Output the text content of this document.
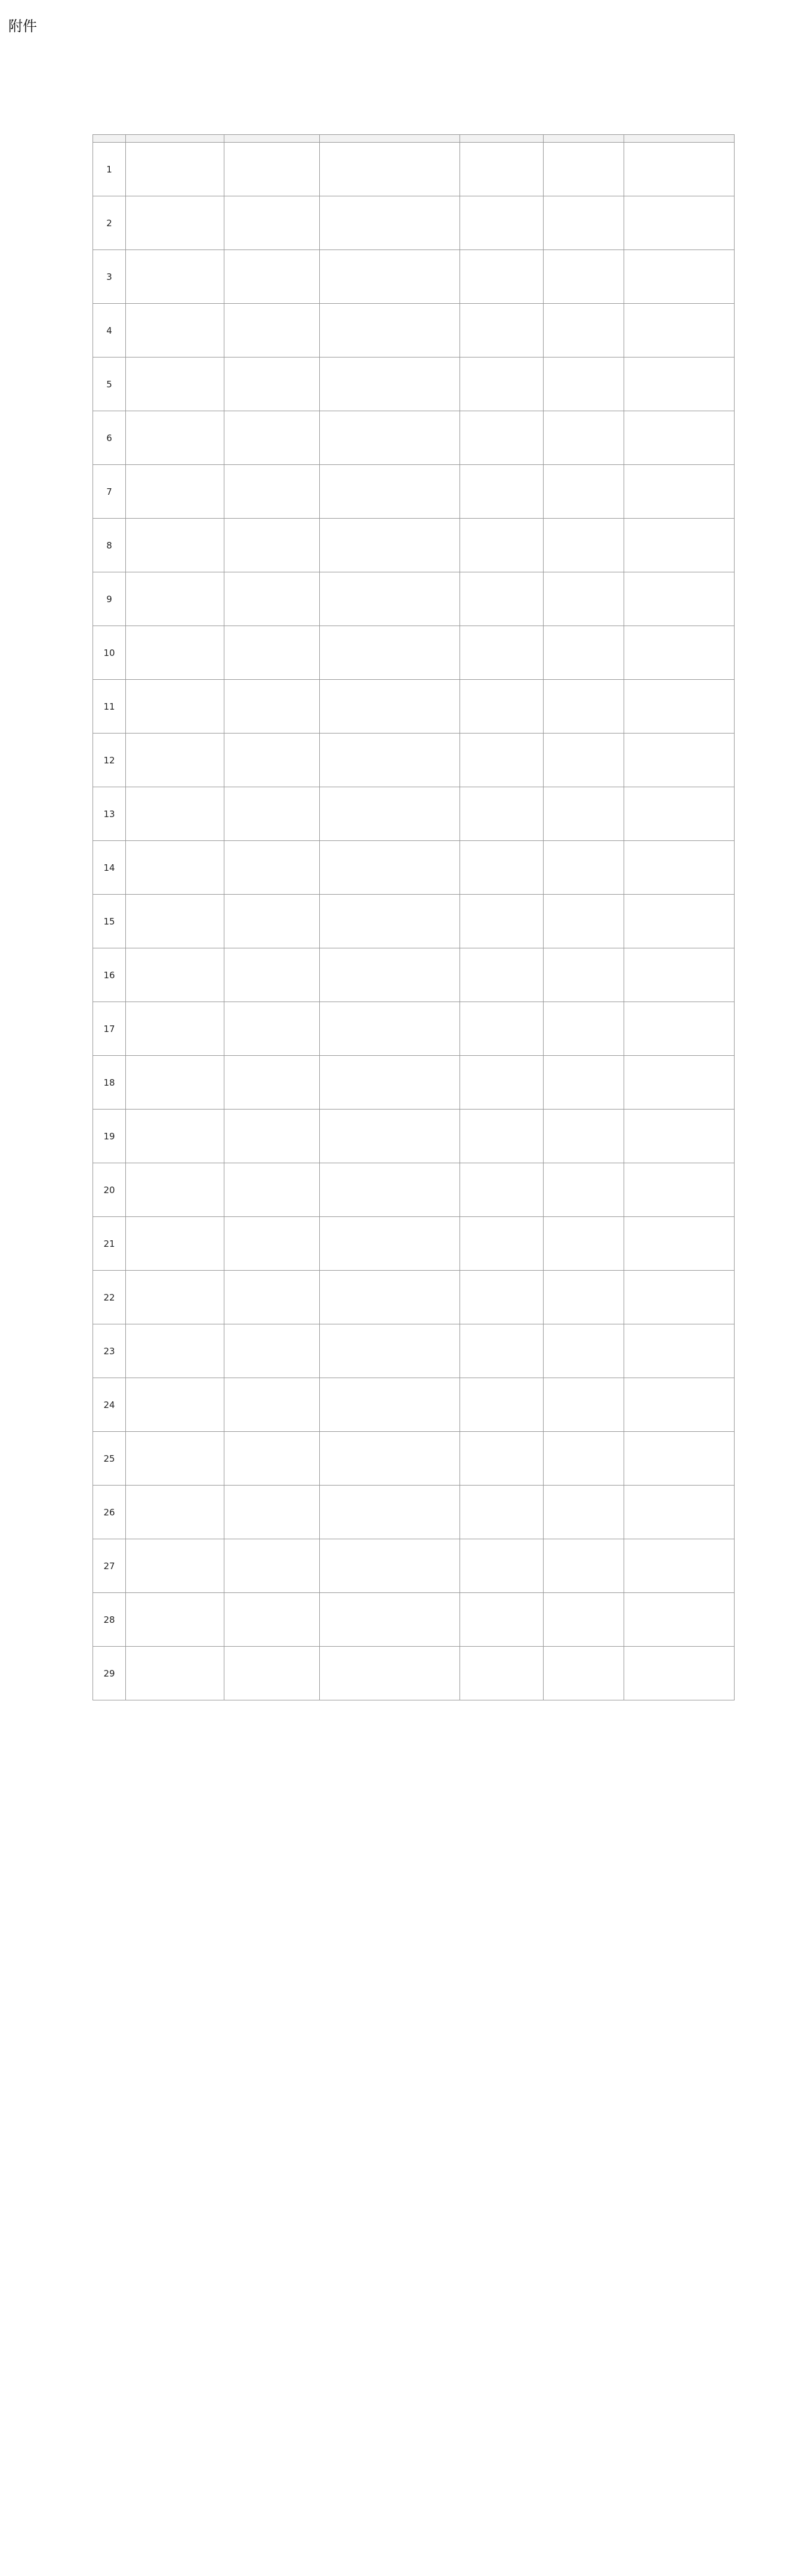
附件

1						
2						
3						
4						
5						
6						
7						
8						
9						
10						
11						
12						
13						
14						
15						
16						
17						
18						
19						
20						
21						
22						
23						
24						
25						
26						
27						
28						
29						
